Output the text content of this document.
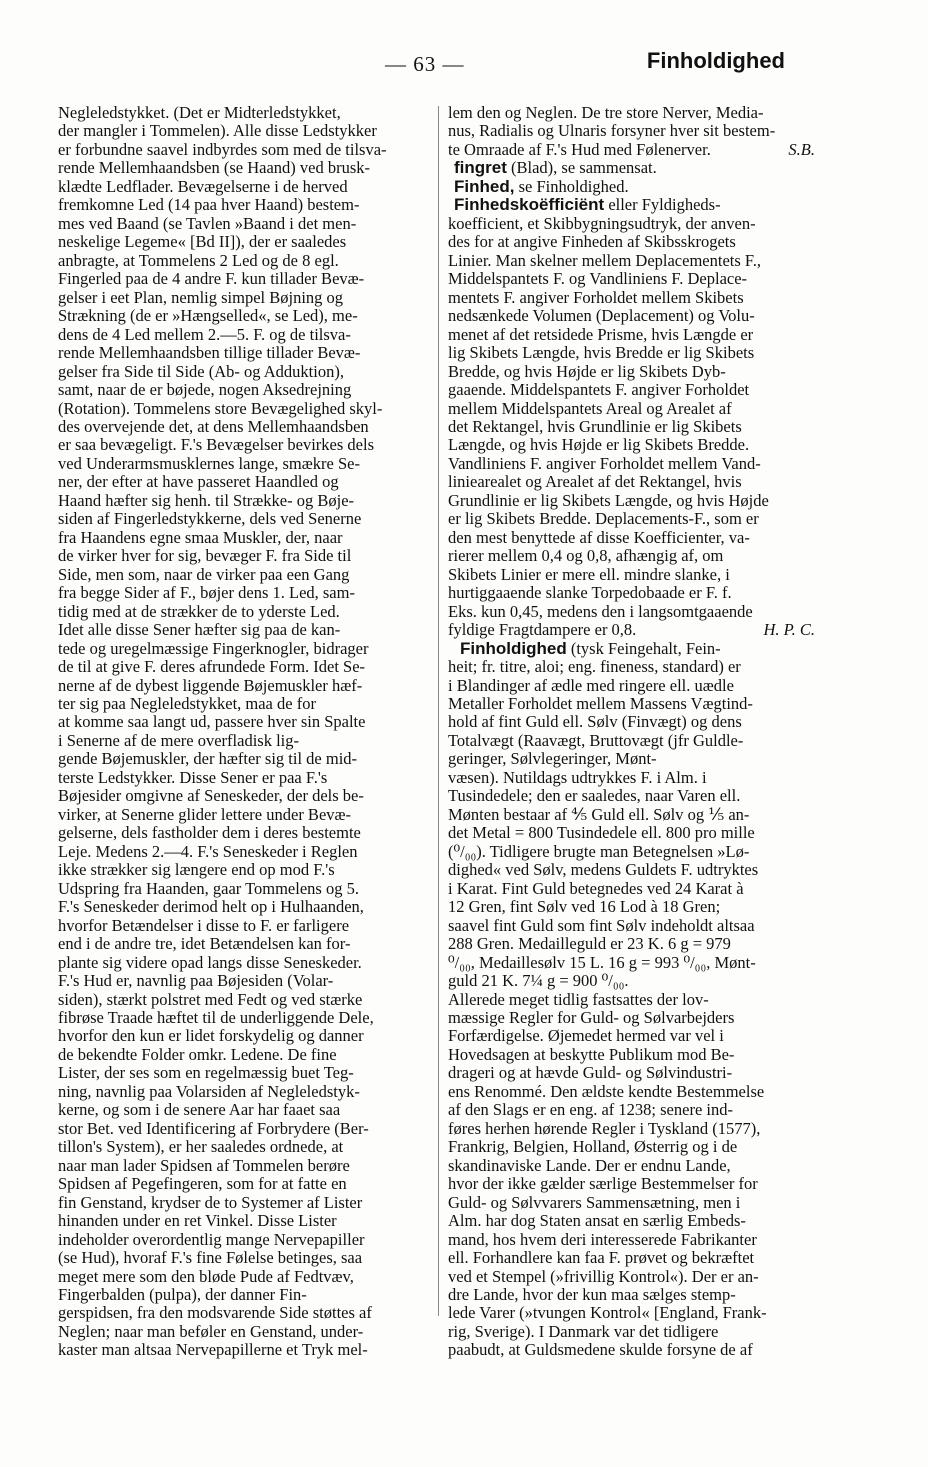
— 63 —	Finholdighed
Negleledstykket. (Det er Midterledstykket,
der mangler i Tommelen). Alle disse Ledstykker
er forbundne saavel indbyrdes som med de tilsva-
rende Mellemhaandsben (se Haand) ved brusk-
klædte Ledflader. Bevægelserne i de herved
fremkomne Led (14 paa hver Haand) bestem-
mes ved Baand (se Tavlen »Baand i det men-
neskelige Legeme« [Bd II]), der er saaledes
anbragte, at Tommelens 2 Led og de 8 egl.
Fingerled paa de 4 andre F. kun tillader Bevæ-
gelser i eet Plan, nemlig simpel Bøjning og
Strækning (de er »Hængselled«, se Led), me-
dens de 4 Led mellem 2.—5. F. og de tilsva-
rende Mellemhaandsben tillige tillader Bevæ-
gelser fra Side til Side (Ab- og Adduktion),
samt, naar de er bøjede, nogen Aksedrejning
(Rotation). Tommelens store Bevægelighed skyl-
des overvejende det, at dens Mellemhaandsben
er saa bevægeligt. F.'s Bevægelser bevirkes dels
ved Underarmsmusklernes lange, smækre Se-
ner, der efter at have passeret Haandled og
Haand hæfter sig henh. til Strække- og Bøje-
siden af Fingerledstykkerne, dels ved Senerne
fra Haandens egne smaa Muskler, der, naar
de virker hver for sig, bevæger F. fra Side til
Side, men som, naar de virker paa een Gang
fra begge Sider af F., bøjer dens 1. Led, sam-
tidig med at de strækker de to yderste Led.
Idet alle disse Sener hæfter sig paa de kan-
tede og uregelmæssige Fingerknogler, bidrager
de til at give F. deres afrundede Form. Idet Se-
nerne af de dybest liggende Bøjemuskler hæf-
ter sig paa Negleledstykket, maa de for
at komme saa langt ud, passere hver sin Spalte
i Senerne af de mere overfladisk lig-
gende Bøjemuskler, der hæfter sig til de mid-
terste Ledstykker. Disse Sener er paa F.'s
Bøjesider omgivne af Seneskeder, der dels be-
virker, at Senerne glider lettere under Bevæ-
gelserne, dels fastholder dem i deres bestemte
Leje. Medens 2.—4. F.'s Seneskeder i Reglen
ikke strækker sig længere end op mod F.'s
Udspring fra Haanden, gaar Tommelens og 5.
F.'s Seneskeder derimod helt op i Hulhaanden,
hvorfor Betændelser i disse to F. er farligere
end i de andre tre, idet Betændelsen kan for-
plante sig videre opad langs disse Seneskeder.
F.'s Hud er, navnlig paa Bøjesiden (Volar-
siden), stærkt polstret med Fedt og ved stærke
fibrøse Traade hæftet til de underliggende Dele,
hvorfor den kun er lidet forskydelig og danner
de bekendte Folder omkr. Ledene. De fine
Lister, der ses som en regelmæssig buet Teg-
ning, navnlig paa Volarsiden af Negleledstyk-
kerne, og som i de senere Aar har faaet saa
stor Bet. ved Identificering af Forbrydere (Ber-
tillon's System), er her saaledes ordnede, at
naar man lader Spidsen af Tommelen berøre
Spidsen af Pegefingeren, som for at fatte en
fin Genstand, krydser de to Systemer af Lister
hinanden under en ret Vinkel. Disse Lister
indeholder overordentlig mange Nervepapiller
(se Hud), hvoraf F.'s fine Følelse betinges, saa
meget mere som den bløde Pude af Fedtvæv,
Fingerbalden (pulpa), der danner Fin-
gerspidsen, fra den modsvarende Side støttes af
Neglen; naar man beføler en Genstand, under-
kaster man altsaa Nervepapillerne et Tryk mel-
lem den og Neglen. De tre store Nerver, Media-
nus, Radialis og Ulnaris forsyner hver sit bestem-
te Omraade af F.'s Hud med Følenerver.	S.B.
fingret (Blad), se sammensat.
Finhed, se Finholdighed.
Finhedskoëfficiënt eller Fyldigheds-
koefficient, et Skibbygningsudtryk, der anven-
des for at angive Finheden af Skibsskrogets
Linier. Man skelner mellem Deplacementets F.,
Middelspantets F. og Vandliniens F. Deplace-
mentets F. angiver Forholdet mellem Skibets
nedsænkede Volumen (Deplacement) og Volu-
menet af det retsidede Prisme, hvis Længde er
lig Skibets Længde, hvis Bredde er lig Skibets
Bredde, og hvis Højde er lig Skibets Dyb-
gaaende. Middelspantets F. angiver Forholdet
mellem Middelspantets Areal og Arealet af
det Rektangel, hvis Grundlinie er lig Skibets
Længde, og hvis Højde er lig Skibets Bredde.
Vandliniens F. angiver Forholdet mellem Vand-
liniearealet og Arealet af det Rektangel, hvis
Grundlinie er lig Skibets Længde, og hvis Højde
er lig Skibets Bredde. Deplacements-F., som er
den mest benyttede af disse Koefficienter, va-
rierer mellem 0,4 og 0,8, afhængig af, om
Skibets Linier er mere ell. mindre slanke, i
hurtiggaaende slanke Torpedobaade er F. f.
Eks. kun 0,45, medens den i langsomtgaaende
fyldige Fragtdampere er 0,8.	H. P. C.
Finholdighed (tysk Feingehalt, Fein-
heit; fr. titre, aloi; eng. fineness, standard) er
i Blandinger af ædle med ringere ell. uædle
Metaller Forholdet mellem Massens Vægtind-
hold af fint Guld ell. Sølv (Finvægt) og dens
Totalvægt (Raavægt, Bruttovægt (jfr Guldle-
geringer, Sølvlegeringer, Mønt-
væsen). Nutildags udtrykkes F. i Alm. i
Tusindedele; den er saaledes, naar Varen ell.
Mønten bestaar af ⅘ Guld ell. Sølv og ⅕ an-
det Metal = 800 Tusindedele ell. 800 pro mille
(⁰/₀₀). Tidligere brugte man Betegnelsen »Lø-
dighed« ved Sølv, medens Guldets F. udtryktes
i Karat. Fint Guld betegnedes ved 24 Karat à
12 Gren, fint Sølv ved 16 Lod à 18 Gren;
saavel fint Guld som fint Sølv indeholdt altsaa
288 Gren. Medailleguld er 23 K. 6 g = 979
⁰/₀₀, Medaillesølv 15 L. 16 g = 993 ⁰/₀₀, Mønt-
guld 21 K. 7¼ g = 900 ⁰/₀₀.
Allerede meget tidlig fastsattes der lov-
mæssige Regler for Guld- og Sølvarbejders
Forfærdigelse. Øjemedet hermed var vel i
Hovedsagen at beskytte Publikum mod Be-
drageri og at hævde Guld- og Sølvindustri-
ens Renommé. Den ældste kendte Bestemmelse
af den Slags er en eng. af 1238; senere ind-
føres herhen hørende Regler i Tyskland (1577),
Frankrig, Belgien, Holland, Østerrig og i de
skandinaviske Lande. Der er endnu Lande,
hvor der ikke gælder særlige Bestemmelser for
Guld- og Sølvvarers Sammensætning, men i
Alm. har dog Staten ansat en særlig Embeds-
mand, hos hvem deri interesserede Fabrikanter
ell. Forhandlere kan faa F. prøvet og bekræftet
ved et Stempel (»frivillig Kontrol«). Der er an-
dre Lande, hvor der kun maa sælges stemp-
lede Varer (»tvungen Kontrol« [England, Frank-
rig, Sverige). I Danmark var det tidligere
paabudt, at Guldsmedene skulde forsyne de af
